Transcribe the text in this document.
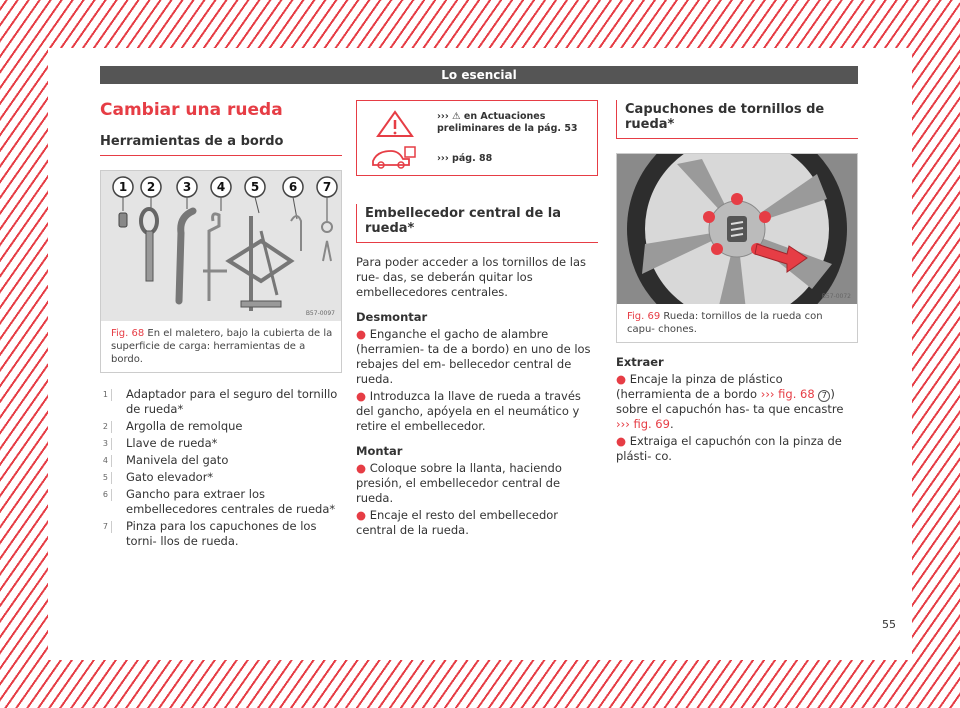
Lo esencial
Cambiar una rueda
Herramientas de a bordo
1 2 3 4 5 6 7
B57-0097
Fig. 68 En el maletero, bajo la cubierta de la superficie de carga: herramientas de a bordo.
1	Adaptador para el seguro del tornillo de rueda*
2	Argolla de remolque
3	Llave de rueda*
4	Manivela del gato
5	Gato elevador*
6	Gancho para extraer los embellecedores centrales de rueda*
7	Pinza para los capuchones de los torni- llos de rueda.
››› ⚠ en Actuaciones preliminares de la pág. 53
››› pág. 88
Embellecedor central de la rueda*

Para poder acceder a los tornillos de las rue- das, se deberán quitar los embellecedores centrales.

Desmontar

● Enganche el gacho de alambre (herramien- ta de a bordo) en uno de los rebajes del em- bellecedor central de rueda.

● Introduzca la llave de rueda a través del gancho, apóyela en el neumático y retire el embellecedor.

Montar

● Coloque sobre la llanta, haciendo presión, el embellecedor central de rueda.

● Encaje el resto del embellecedor central de la rueda.

Capuchones de tornillos de rueda*
B57-0072
Fig. 69 Rueda: tornillos de la rueda con capu- chones.
Extraer

● Encaje la pinza de plástico (herramienta de a bordo ››› fig. 68 7 ) sobre el capuchón has- ta que encastre ››› fig. 69.

● Extraiga el capuchón con la pinza de plásti- co.

55
